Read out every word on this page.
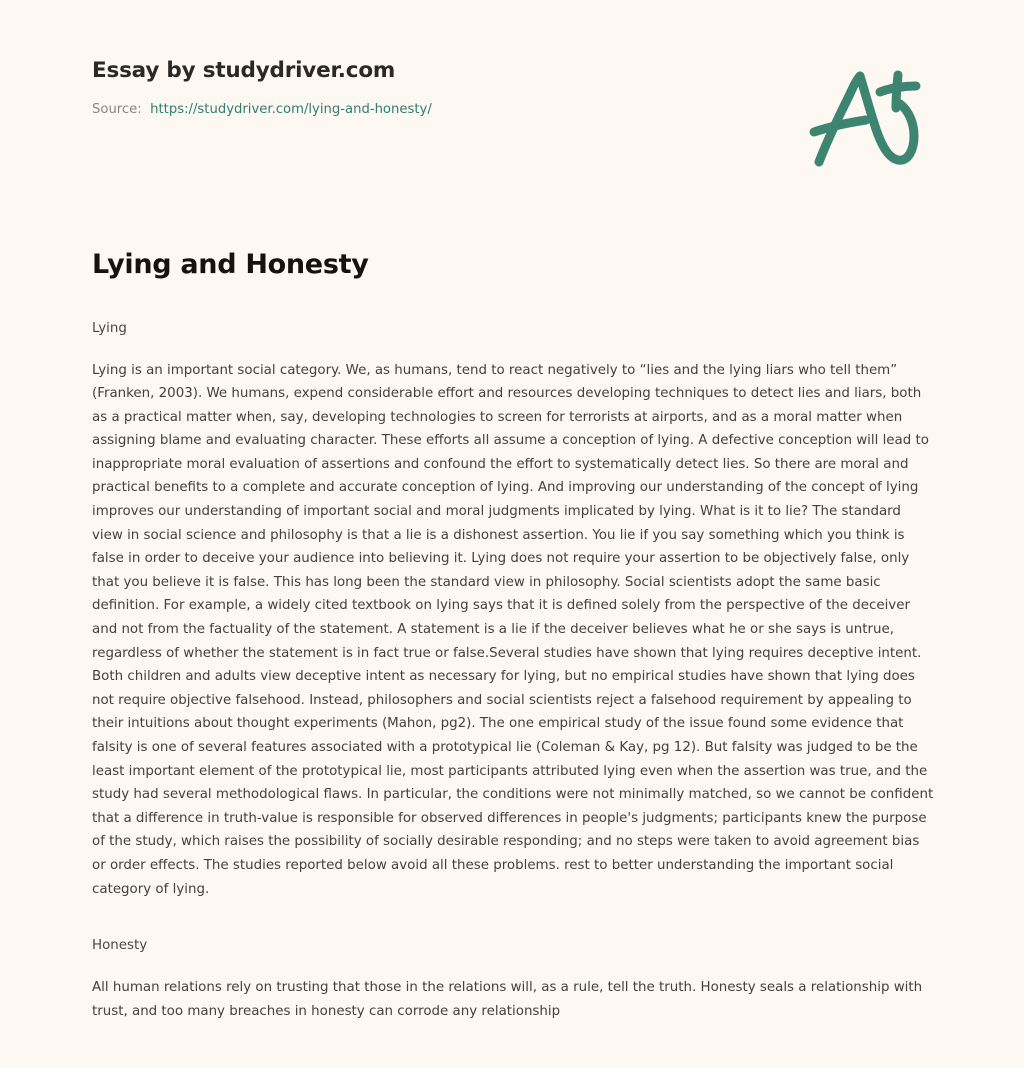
Essay by studydriver.com
Source: https://studydriver.com/lying-and-honesty/
Lying and Honesty
Lying

Lying is an important social category. We, as humans, tend to react negatively to “lies and the lying liars who tell them” (Franken, 2003). We humans, expend considerable effort and resources developing techniques to detect lies and liars, both as a practical matter when, say, developing technologies to screen for terrorists at airports, and as a moral matter when assigning blame and evaluating character. These efforts all assume a conception of lying. A defective conception will lead to inappropriate moral evaluation of assertions and confound the effort to systematically detect lies. So there are moral and practical benefits to a complete and accurate conception of lying. And improving our understanding of the concept of lying improves our understanding of important social and moral judgments implicated by lying. What is it to lie? The standard view in social science and philosophy is that a lie is a dishonest assertion. You lie if you say something which you think is false in order to deceive your audience into believing it. Lying does not require your assertion to be objectively false, only that you believe it is false. This has long been the standard view in philosophy. Social scientists adopt the same basic definition. For example, a widely cited textbook on lying says that it is defined solely from the perspective of the deceiver and not from the factuality of the statement. A statement is a lie if the deceiver believes what he or she says is untrue, regardless of whether the statement is in fact true or false.Several studies have shown that lying requires deceptive intent. Both children and adults view deceptive intent as necessary for lying, but no empirical studies have shown that lying does not require objective falsehood. Instead, philosophers and social scientists reject a falsehood requirement by appealing to their intuitions about thought experiments (Mahon, pg2). The one empirical study of the issue found some evidence that falsity is one of several features associated with a prototypical lie (Coleman & Kay, pg 12). But falsity was judged to be the least important element of the prototypical lie, most participants attributed lying even when the assertion was true, and the study had several methodological flaws. In particular, the conditions were not minimally matched, so we cannot be confident that a difference in truth-value is responsible for observed differences in people's judgments; participants knew the purpose of the study, which raises the possibility of socially desirable responding; and no steps were taken to avoid agreement bias or order effects. The studies reported below avoid all these problems. rest to better understanding the important social category of lying.

Honesty

All human relations rely on trusting that those in the relations will, as a rule, tell the truth. Honesty seals a relationship with trust, and too many breaches in honesty can corrode any relationship
